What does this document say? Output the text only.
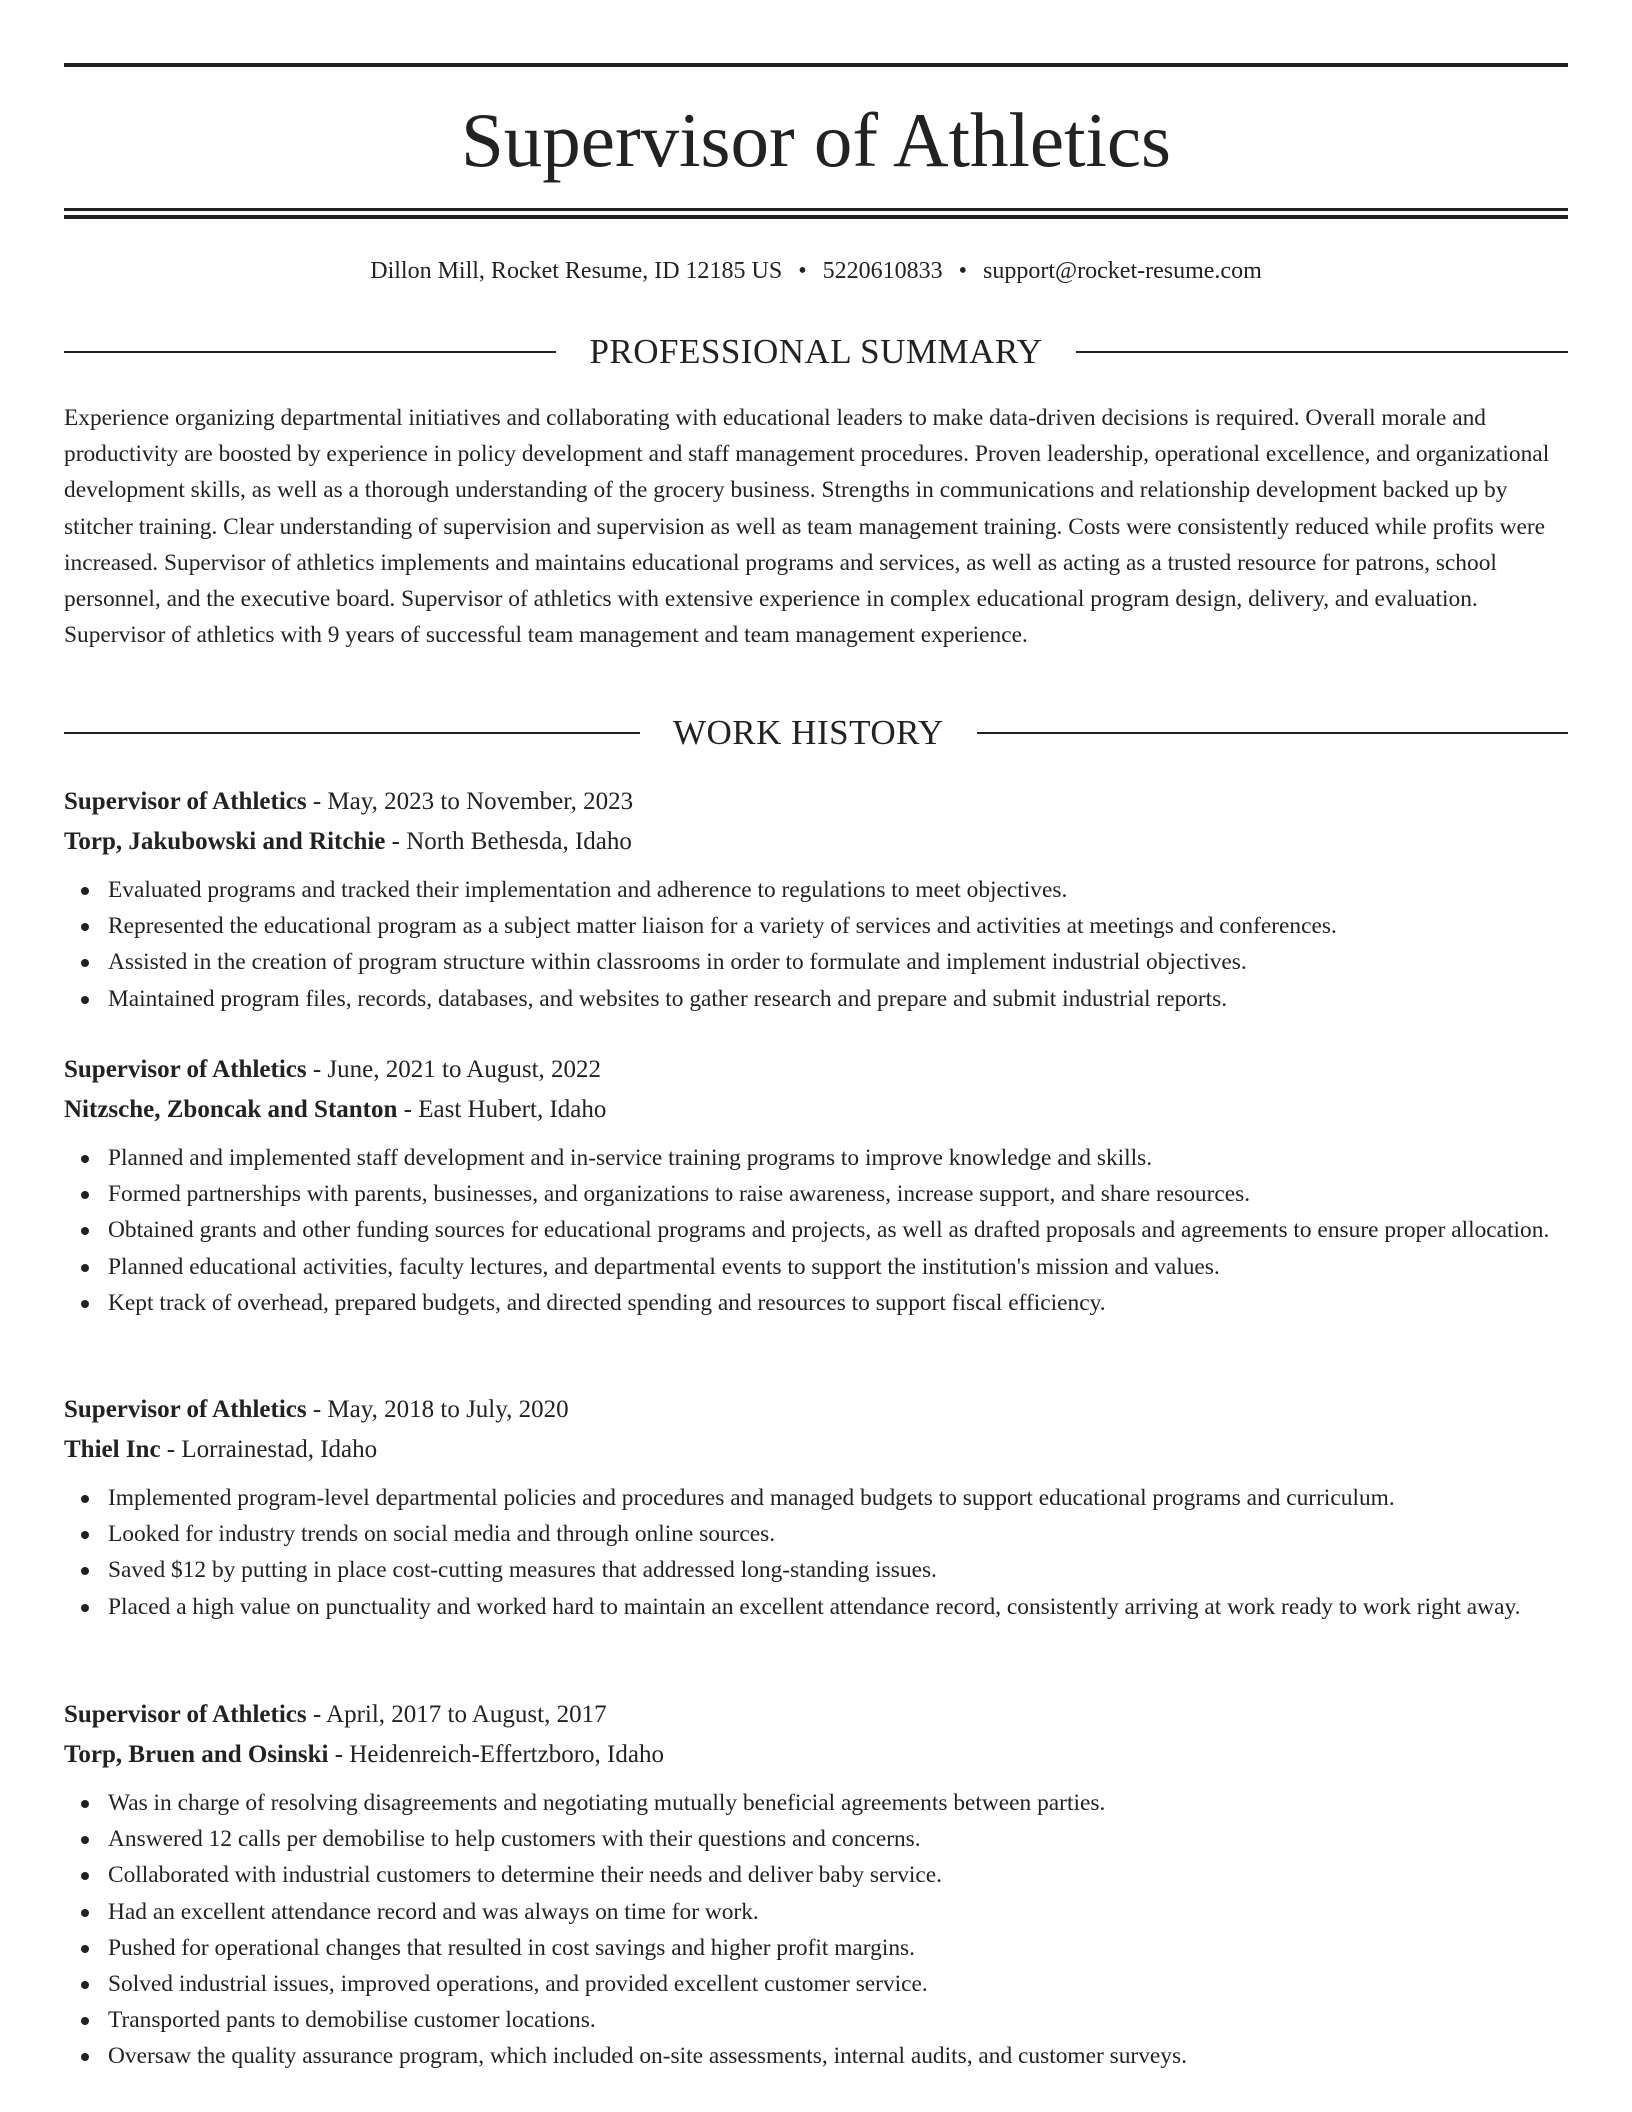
Supervisor of Athletics
Dillon Mill, Rocket Resume, ID 12185 US • 5220610833 • support@rocket-resume.com
PROFESSIONAL SUMMARY

Experience organizing departmental initiatives and collaborating with educational leaders to make data-driven decisions is required. Overall morale and productivity are boosted by experience in policy development and staff management procedures. Proven leadership, operational excellence, and organizational development skills, as well as a thorough understanding of the grocery business. Strengths in communications and relationship development backed up by stitcher training. Clear understanding of supervision and supervision as well as team management training. Costs were consistently reduced while profits were increased. Supervisor of athletics implements and maintains educational programs and services, as well as acting as a trusted resource for patrons, school personnel, and the executive board. Supervisor of athletics with extensive experience in complex educational program design, delivery, and evaluation. Supervisor of athletics with 9 years of successful team management and team management experience.

WORK HISTORY
Supervisor of Athletics - May, 2023 to November, 2023
Torp, Jakubowski and Ritchie - North Bethesda, Idaho
Evaluated programs and tracked their implementation and adherence to regulations to meet objectives.
Represented the educational program as a subject matter liaison for a variety of services and activities at meetings and conferences.
Assisted in the creation of program structure within classrooms in order to formulate and implement industrial objectives.
Maintained program files, records, databases, and websites to gather research and prepare and submit industrial reports.
Supervisor of Athletics - June, 2021 to August, 2022
Nitzsche, Zboncak and Stanton - East Hubert, Idaho
Planned and implemented staff development and in-service training programs to improve knowledge and skills.
Formed partnerships with parents, businesses, and organizations to raise awareness, increase support, and share resources.
Obtained grants and other funding sources for educational programs and projects, as well as drafted proposals and agreements to ensure proper allocation.
Planned educational activities, faculty lectures, and departmental events to support the institution's mission and values.
Kept track of overhead, prepared budgets, and directed spending and resources to support fiscal efficiency.
Supervisor of Athletics - May, 2018 to July, 2020
Thiel Inc - Lorrainestad, Idaho
Implemented program-level departmental policies and procedures and managed budgets to support educational programs and curriculum.
Looked for industry trends on social media and through online sources.
Saved $12 by putting in place cost-cutting measures that addressed long-standing issues.
Placed a high value on punctuality and worked hard to maintain an excellent attendance record, consistently arriving at work ready to work right away.
Supervisor of Athletics - April, 2017 to August, 2017
Torp, Bruen and Osinski - Heidenreich-Effertzboro, Idaho
Was in charge of resolving disagreements and negotiating mutually beneficial agreements between parties.
Answered 12 calls per demobilise to help customers with their questions and concerns.
Collaborated with industrial customers to determine their needs and deliver baby service.
Had an excellent attendance record and was always on time for work.
Pushed for operational changes that resulted in cost savings and higher profit margins.
Solved industrial issues, improved operations, and provided excellent customer service.
Transported pants to demobilise customer locations.
Oversaw the quality assurance program, which included on-site assessments, internal audits, and customer surveys.
